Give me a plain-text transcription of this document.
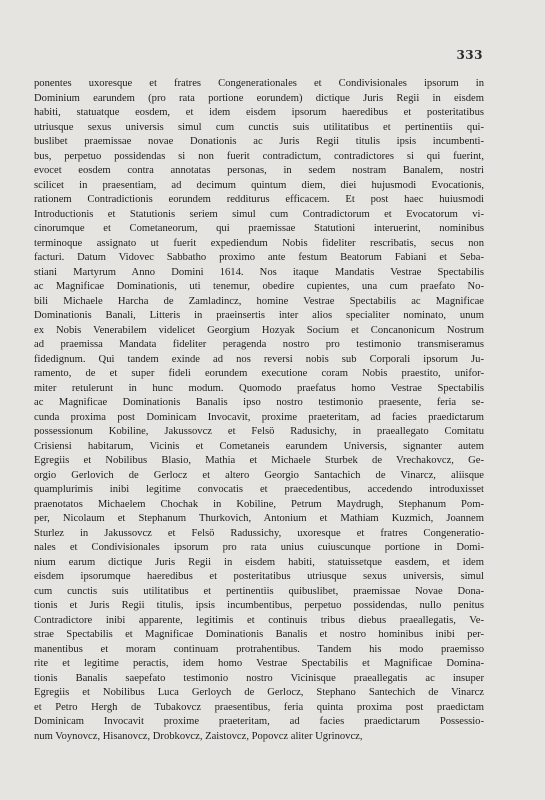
333
ponentes uxoresque et fratres Congenerationales et Condivisionales ipsorum in
Dominium earundem (pro rata portione eorundem) dictique Juris Regii in eisdem
habiti, statuatque eosdem, et idem eisdem ipsorum haeredibus et posteritatibus
utriusque sexus universis simul cum cunctis suis utilitatibus et pertinentiis qui-
buslibet praemissae novae Donationis ac Juris Regii titulis ipsis incumbenti-
bus, perpetuo possidendas si non fuerit contradictum, contradictores si qui fuerint,
evocet eosdem contra annotatas personas, in sedem nostram Banalem, nostri
scilicet in praesentiam, ad decimum quintum diem, diei hujusmodi Evocationis,
rationem Contradictionis eorundem redditurus efficacem. Et post haec huiusmodi
Introductionis et Statutionis seriem simul cum Contradictorum et Evocatorum vi-
cinorumque et Cometaneorum, qui praemissae Statutioni interuerint, nominibus
terminoque assignato ut fuerit expediendum Nobis fideliter rescribatis, secus non
facturi. Datum Vidovec Sabbatho proximo ante festum Beatorum Fabiani et Seba-
stiani Martyrum Anno Domini 1614. Nos itaque Mandatis Vestrae Spectabilis
ac Magnificae Dominationis, uti tenemur, obedire cupientes, una cum praefato No-
bili Michaele Harcha de Zamladincz, homine Vestrae Spectabilis ac Magnificae
Dominationis Banali, Litteris in praeinsertis inter alios specialiter nominato, unum
ex Nobis Venerabilem videlicet Georgium Hozyak Socium et Concanonicum Nostrum
ad praemissa Mandata fideliter peragenda nostro pro testimonio transmiseramus
fidedignum. Qui tandem exinde ad nos reversi nobis sub Corporali ipsorum Ju-
ramento, de et super fideli eorundem executione coram Nobis praestito, unifor-
miter retulerunt in hunc modum. Quomodo praefatus homo Vestrae Spectabilis
ac Magnificae Dominationis Banalis ipso nostro testimonio praesente, feria se-
cunda proxima post Dominicam Invocavit, proxime praeteritam, ad facies praedictarum
possessionum Kobiline, Jakussovcz et Felsö Radusichy, in praeallegato Comitatu
Crisiensi habitarum, Vicinis et Cometaneis earundem Universis, signanter autem
Egregiis et Nobilibus Blasio, Mathia et Michaele Sturbek de Vrechakovcz, Ge-
orgio Gerlovich de Gerlocz et altero Georgio Santachich de Vinarcz, aliisque
quamplurimis inibi legitime convocatis et praecedentibus, accedendo introduxisset
praenotatos Michaelem Chochak in Kobiline, Petrum Maydrugh, Stephanum Pom-
per, Nicolaum et Stephanum Thurkovich, Antonium et Mathiam Kuzmich, Joannem
Sturlez in Jakussovcz et Felsö Radussichy, uxoresque et fratres Congeneratio-
nales et Condivisionales ipsorum pro rata unius cuiuscunque portione in Domi-
nium earum dictique Juris Regii in eisdem habiti, statuissetque easdem, et idem
eisdem ipsorumque haeredibus et posteritatibus utriusque sexus universis, simul
cum cunctis suis utilitatibus et pertinentiis quibuslibet, praemissae Novae Dona-
tionis et Juris Regii titulis, ipsis incumbentibus, perpetuo possidendas, nullo penitus
Contradictore inibi apparente, legitimis et continuis tribus diebus praeallegatis, Ve-
strae Spectabilis et Magnificae Dominationis Banalis et nostro hominibus inibi per-
manentibus et moram continuam protrahentibus. Tandem his modo praemisso
rite et legitime peractis, idem homo Vestrae Spectabilis et Magnificae Domina-
tionis Banalis saepefato testimonio nostro Vicinisque praeallegatis ac insuper
Egregiis et Nobilibus Luca Gerloych de Gerlocz, Stephano Santechich de Vinarcz
et Petro Hergh de Tubakovcz praesentibus, feria quinta proxima post praedictam
Dominicam Invocavit proxime praeteritam, ad facies praedictarum Possessio-
num Voynovcz, Hisanovcz, Drobkovcz, Zaistovcz, Popovcz aliter Ugrinovcz,
